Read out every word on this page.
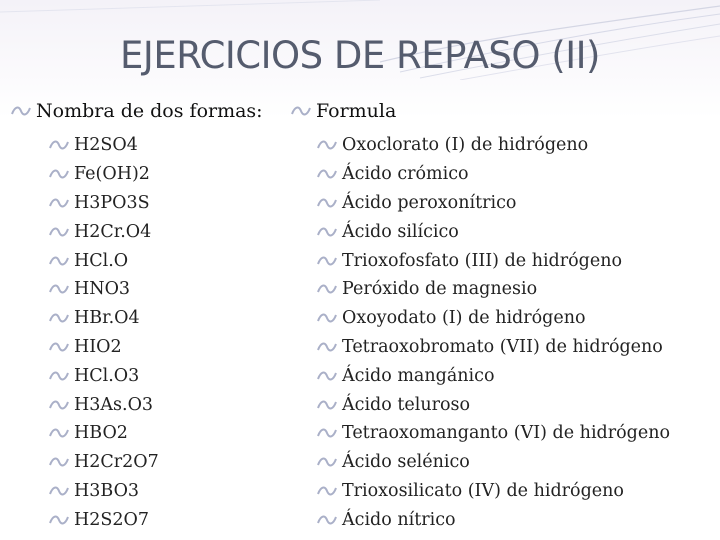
EJERCICIOS DE REPASO (II)
Nombra de dos formas:	Formula
H2SO4
Fe(OH)2
H3PO3S
H2Cr.O4
HCl.O
HNO3
HBr.O4
HIO2
HCl.O3
H3As.O3
HBO2
H2Cr2O7
H3BO3
H2S2O7
Oxoclorato (I) de hidrógeno
Ácido crómico
Ácido peroxonítrico
Ácido silícico
Trioxofosfato (III) de hidrógeno
Peróxido de magnesio
Oxoyodato (I) de hidrógeno
Tetraoxobromato (VII) de hidrógeno
Ácido mangánico
Ácido teluroso
Tetraoxomanganto (VI) de hidrógeno
Ácido selénico
Trioxosilicato (IV) de hidrógeno
Ácido nítrico
